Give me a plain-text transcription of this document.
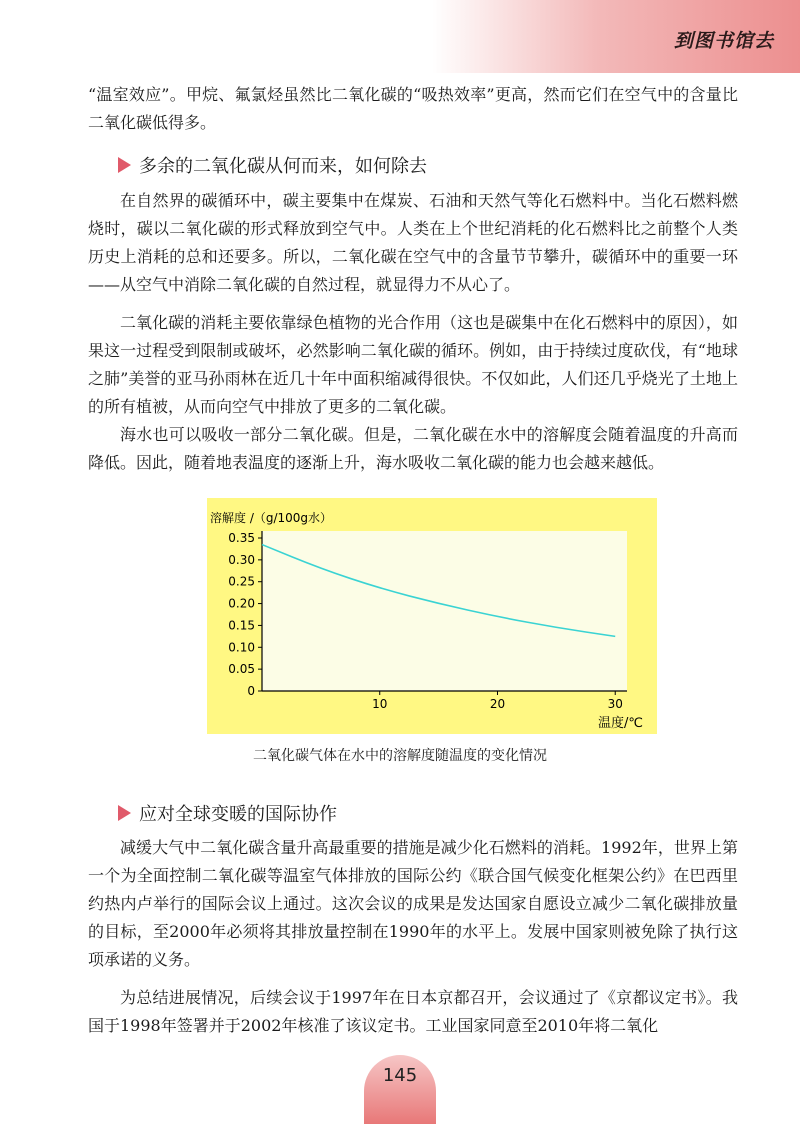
到图书馆去

“温室效应”。甲烷、氟氯烃虽然比二氧化碳的“吸热效率”更高，然而它们在空气中的含量比二氧化碳低得多。

多余的二氧化碳从何而来，如何除去

在自然界的碳循环中，碳主要集中在煤炭、石油和天然气等化石燃料中。当化石燃料燃烧时，碳以二氧化碳的形式释放到空气中。人类在上个世纪消耗的化石燃料比之前整个人类历史上消耗的总和还要多。所以，二氧化碳在空气中的含量节节攀升，碳循环中的重要一环——从空气中消除二氧化碳的自然过程，就显得力不从心了。

二氧化碳的消耗主要依靠绿色植物的光合作用（这也是碳集中在化石燃料中的原因），如果这一过程受到限制或破坏，必然影响二氧化碳的循环。例如，由于持续过度砍伐，有“地球之肺”美誉的亚马孙雨林在近几十年中面积缩减得很快。不仅如此，人们还几乎烧光了土地上的所有植被，从而向空气中排放了更多的二氧化碳。

海水也可以吸收一部分二氧化碳。但是，二氧化碳在水中的溶解度会随着温度的升高而降低。因此，随着地表温度的逐渐上升，海水吸收二氧化碳的能力也会越来越低。

0
0.05
0.10
0.15
0.20
0.25
0.30
0.35
10	20	30
溶解度 /（g/100g水）
温度/℃
二氧化碳气体在水中的溶解度随温度的变化情况
应对全球变暖的国际协作

减缓大气中二氧化碳含量升高最重要的措施是减少化石燃料的消耗。1992年，世界上第一个为全面控制二氧化碳等温室气体排放的国际公约《联合国气候变化框架公约》在巴西里约热内卢举行的国际会议上通过。这次会议的成果是发达国家自愿设立减少二氧化碳排放量的目标，至2000年必须将其排放量控制在1990年的水平上。发展中国家则被免除了执行这项承诺的义务。

为总结进展情况，后续会议于1997年在日本京都召开，会议通过了《京都议定书》。我国于1998年签署并于2002年核准了该议定书。工业国家同意至2010年将二氧化

145
